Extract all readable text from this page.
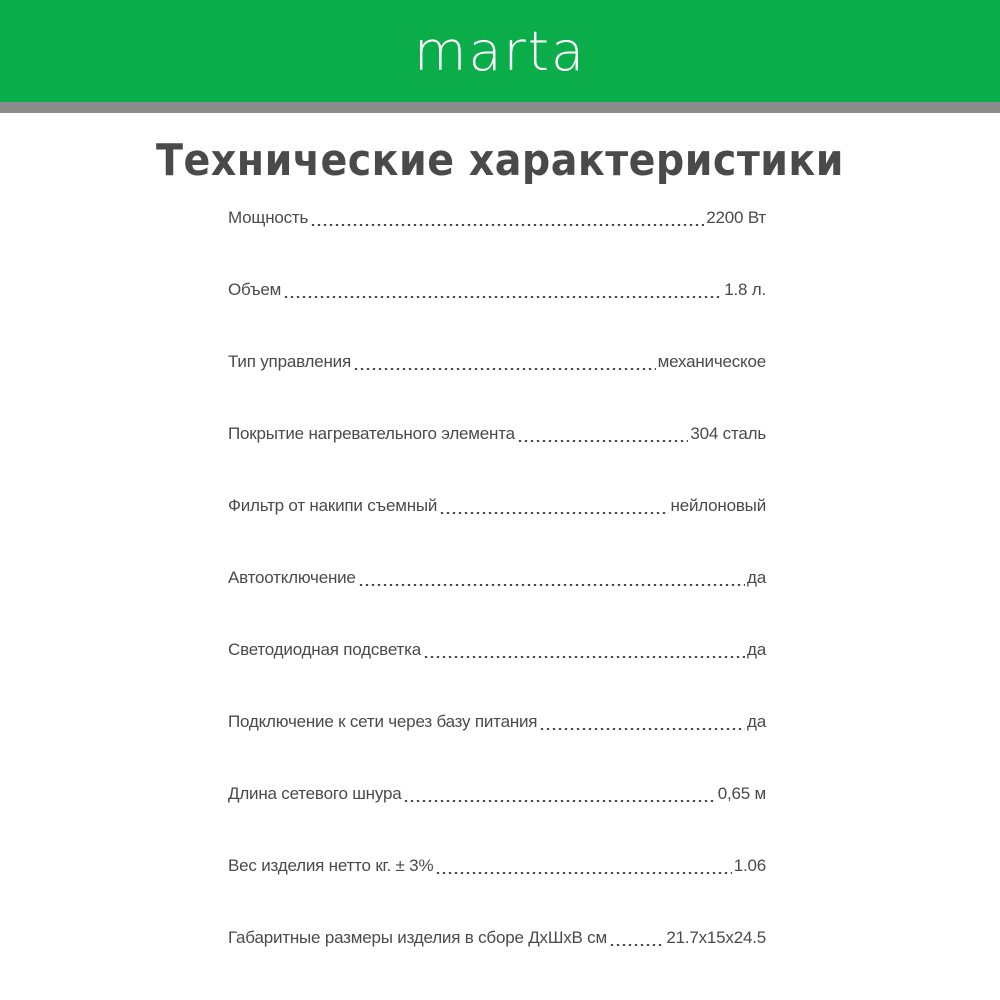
marta
Технические характеристики
Мощность	2200 Вт
Объем	1.8 л.
Тип управления	механическое
Покрытие нагревательного элемента	304 сталь
Фильтр от накипи съемный	нейлоновый
Автоотключение	да
Светодиодная подсветка	да
Подключение к сети через базу питания	да
Длина сетевого шнура	0,65 м
Вес изделия нетто кг. ± 3%	1.06
Габаритные размеры изделия в сборе ДхШхВ см	21.7x15x24.5
